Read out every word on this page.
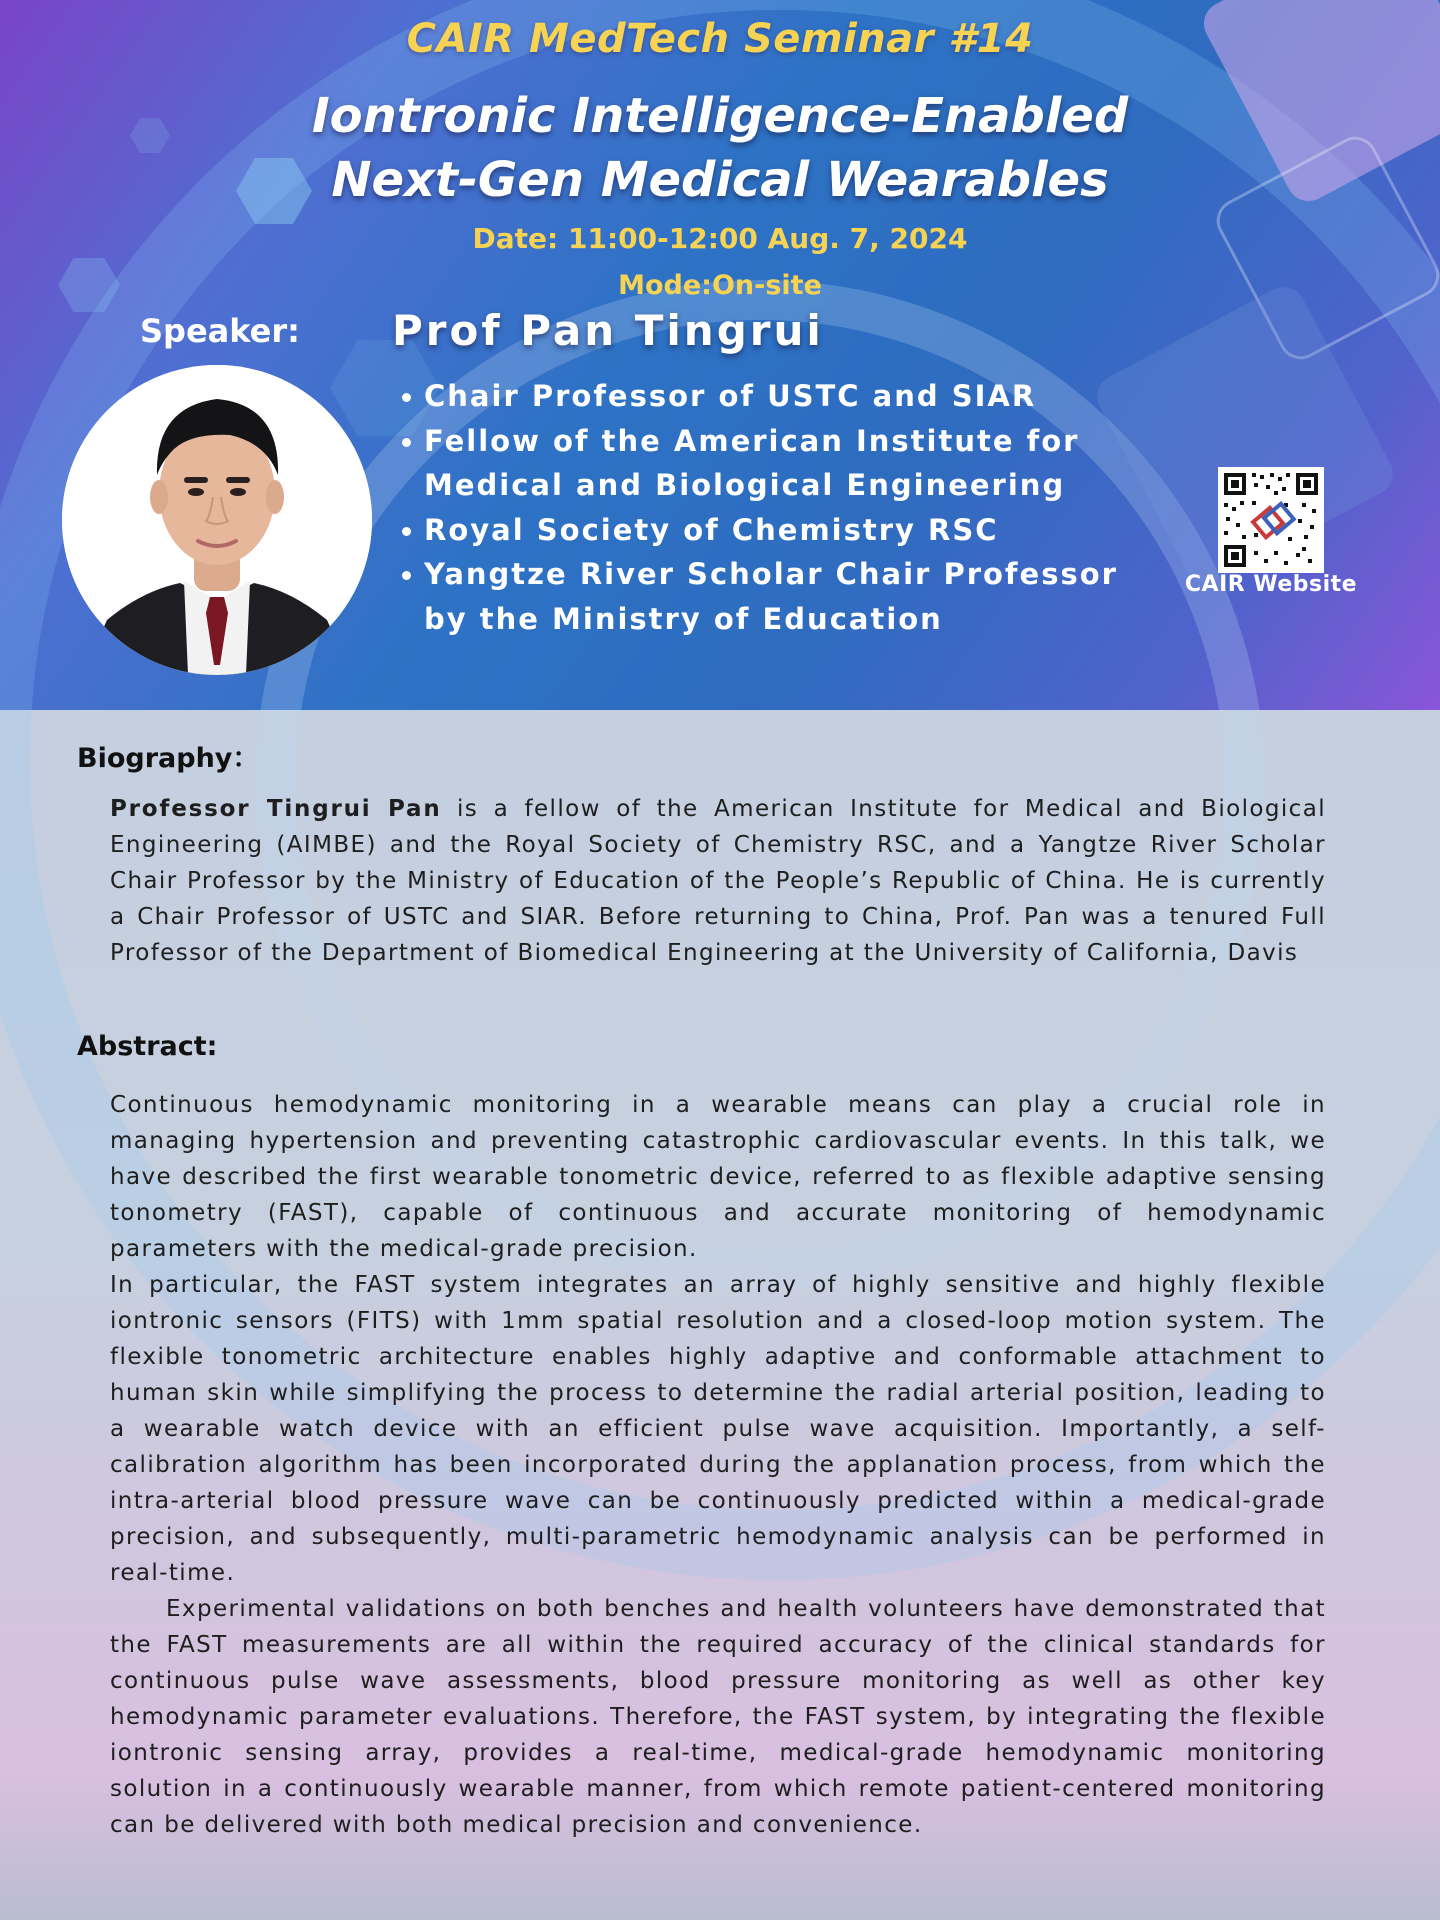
CAIR MedTech Seminar #14
Iontronic Intelligence-Enabled
Next-Gen Medical Wearables
Date: 11:00-12:00 Aug. 7, 2024
Mode:On-site
Speaker: Prof Pan Tingrui
Chair Professor of USTC and SIAR
Fellow of the American Institute for Medical and Biological Engineering
Royal Society of Chemistry RSC
Yangtze River Scholar Chair Professor by the Ministry of Education
CAIR Website
Biography：

Professor Tingrui Pan is a fellow of the American Institute for Medical and Biological Engineering (AIMBE) and the Royal Society of Chemistry RSC, and a Yangtze River Scholar Chair Professor by the Ministry of Education of the People’s Republic of China. He is currently a Chair Professor of USTC and SIAR. Before returning to China, Prof. Pan was a tenured Full Professor of the Department of Biomedical Engineering at the University of California, Davis

Abstract:

Continuous hemodynamic monitoring in a wearable means can play a crucial role in managing hypertension and preventing catastrophic cardiovascular events. In this talk, we have described the first wearable tonometric device, referred to as flexible adaptive sensing tonometry (FAST), capable of continuous and accurate monitoring of hemodynamic parameters with the medical-grade precision.

In particular, the FAST system integrates an array of highly sensitive and highly flexible iontronic sensors (FITS) with 1mm spatial resolution and a closed-loop motion system. The flexible tonometric architecture enables highly adaptive and conformable attachment to human skin while simplifying the process to determine the radial arterial position, leading to a wearable watch device with an efficient pulse wave acquisition. Importantly, a self-calibration algorithm has been incorporated during the applanation process, from which the intra-arterial blood pressure wave can be continuously predicted within a medical-grade precision, and subsequently, multi-parametric hemodynamic analysis can be performed in real-time.

Experimental validations on both benches and health volunteers have demonstrated that the FAST measurements are all within the required accuracy of the clinical standards for continuous pulse wave assessments, blood pressure monitoring as well as other key hemodynamic parameter evaluations. Therefore, the FAST system, by integrating the flexible iontronic sensing array, provides a real-time, medical-grade hemodynamic monitoring solution in a continuously wearable manner, from which remote patient-centered monitoring can be delivered with both medical precision and convenience.
